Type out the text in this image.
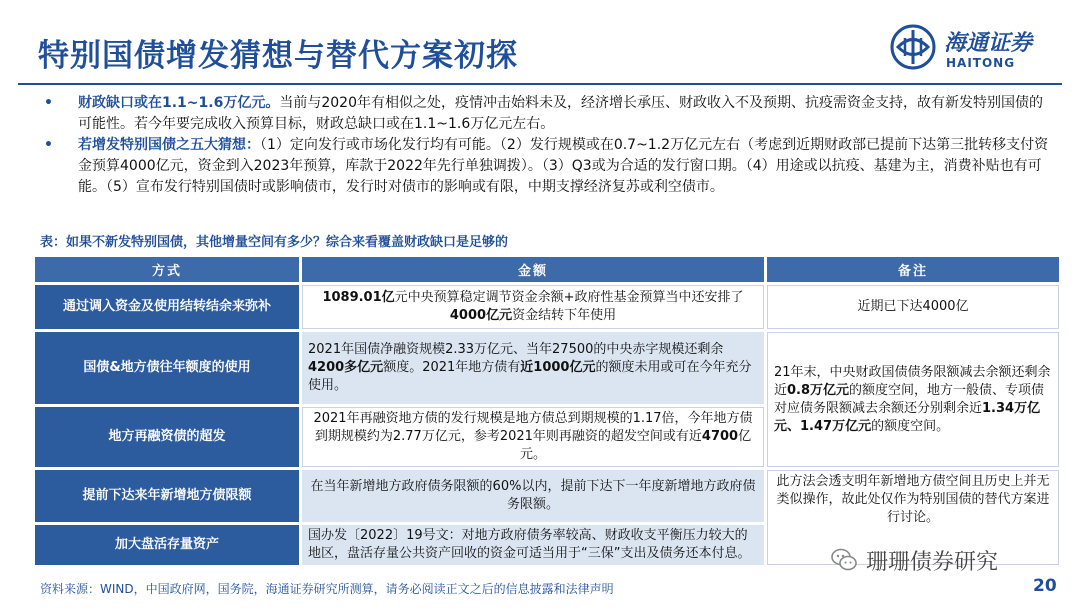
特别国债增发猜想与替代方案初探	海通证券
HAITONG
• 财政缺口或在1.1~1.6万亿元。当前与2020年有相似之处，疫情冲击始料未及，经济增长承压、财政收入不及预期、抗疫需资金支持，故有新发特别国债的可能性。若今年要完成收入预算目标，财政总缺口或在1.1~1.6万亿元左右。
• 若增发特别国债之五大猜想：（1）定向发行或市场化发行均有可能。（2）发行规模或在0.7~1.2万亿元左右（考虑到近期财政部已提前下达第三批转移支付资金预算4000亿元，资金到入2023年预算，库款于2022年先行单独调拨）。（3）Q3或为合适的发行窗口期。（4）用途或以抗疫、基建为主，消费补贴也有可能。（5）宣布发行特别国债时或影响债市，发行时对债市的影响或有限，中期支撑经济复苏或利空债市。
表：如果不新发特别国债，其他增量空间有多少？综合来看覆盖财政缺口是足够的
方式	金额	备注
通过调入资金及使用结转结余来弥补	1089.01亿元中央预算稳定调节资金余额+政府性基金预算当中还安排了4000亿元资金结转下年使用	近期已下达4000亿
国债&地方债往年额度的使用	2021年国债净融资规模2.33万亿元、当年27500的中央赤字规模还剩余4200多亿元额度。2021年地方债有近1000亿元的额度未用或可在今年充分使用。	21年末，中央财政国债债务限额减去余额还剩余近0.8万亿元的额度空间，地方一般债、专项债对应债务限额减去余额还分别剩余近1.34万亿元、1.47万亿元的额度空间。
地方再融资债的超发	2021年再融资地方债的发行规模是地方债总到期规模的1.17倍，今年地方债到期规模约为2.77万亿元，参考2021年则再融资的超发空间或有近4700亿元。	
提前下达来年新增地方债限额	在当年新增地方政府债务限额的60%以内，提前下达下一年度新增地方政府债务限额。	此方法会透支明年新增地方债空间且历史上并无类似操作，故此处仅作为特别国债的替代方案进行讨论。
加大盘活存量资产	国办发〔2022〕19号文：对地方政府债务率较高、财政收支平衡压力较大的地区，盘活存量公共资产回收的资金可适当用于“三保”支出及债务还本付息。		珊珊债券研究
资料来源：WIND，中国政府网，国务院，海通证券研究所测算，请务必阅读正文之后的信息披露和法律声明	20
